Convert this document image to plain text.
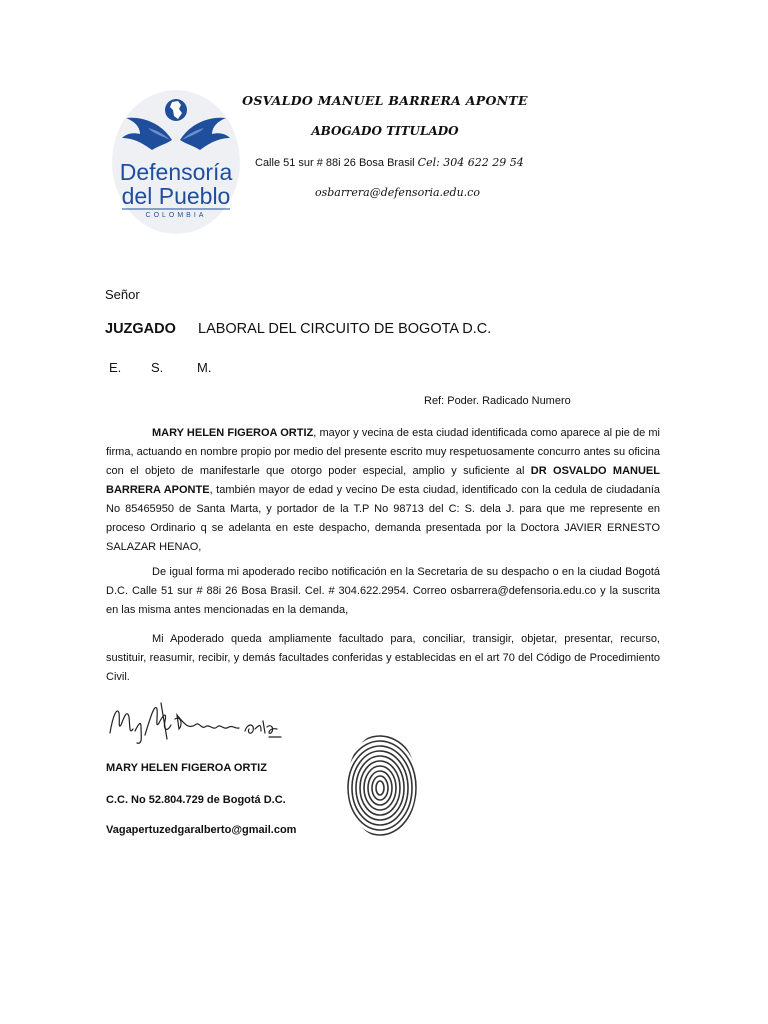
Defensoría
del Pueblo
COLOMBIA
OSVALDO MANUEL BARRERA APONTE
ABOGADO TITULADO
Calle 51 sur # 88i 26 Bosa Brasil Cel: 304 622 29 54
osbarrera@defensoria.edu.co
Señor
JUZGADO LABORAL DEL CIRCUITO DE BOGOTA D.C.
E. S.	M.
Ref: Poder. Radicado Numero

MARY HELEN FIGEROA ORTIZ, mayor y vecina de esta ciudad identificada como aparece al pie de mi firma, actuando en nombre propio por medio del presente escrito muy respetuosamente concurro antes su oficina con el objeto de manifestarle que otorgo poder especial, amplio y suficiente al DR OSVALDO MANUEL BARRERA APONTE, también mayor de edad y vecino De esta ciudad, identificado con la cedula de ciudadanía No 85465950 de Santa Marta, y portador de la T.P No 98713 del C: S. dela J. para que me represente en proceso Ordinario q se adelanta en este despacho, demanda presentada por la Doctora JAVIER ERNESTO SALAZAR HENAO,

De igual forma mi apoderado recibo notificación en la Secretaria de su despacho o en la ciudad Bogotá D.C. Calle 51 sur # 88i 26 Bosa Brasil. Cel. # 304.622.2954. Correo osbarrera@defensoria.edu.co y la suscrita en las misma antes mencionadas en la demanda,

Mi Apoderado queda ampliamente facultado para, conciliar, transigir, objetar, presentar, recurso, sustituir, reasumir, recibir, y demás facultades conferidas y establecidas en el art 70 del Código de Procedimiento Civil.

MARY HELEN FIGEROA ORTIZ
C.C. No 52.804.729 de Bogotá D.C.
Vagapertuzedgaralberto@gmail.com
